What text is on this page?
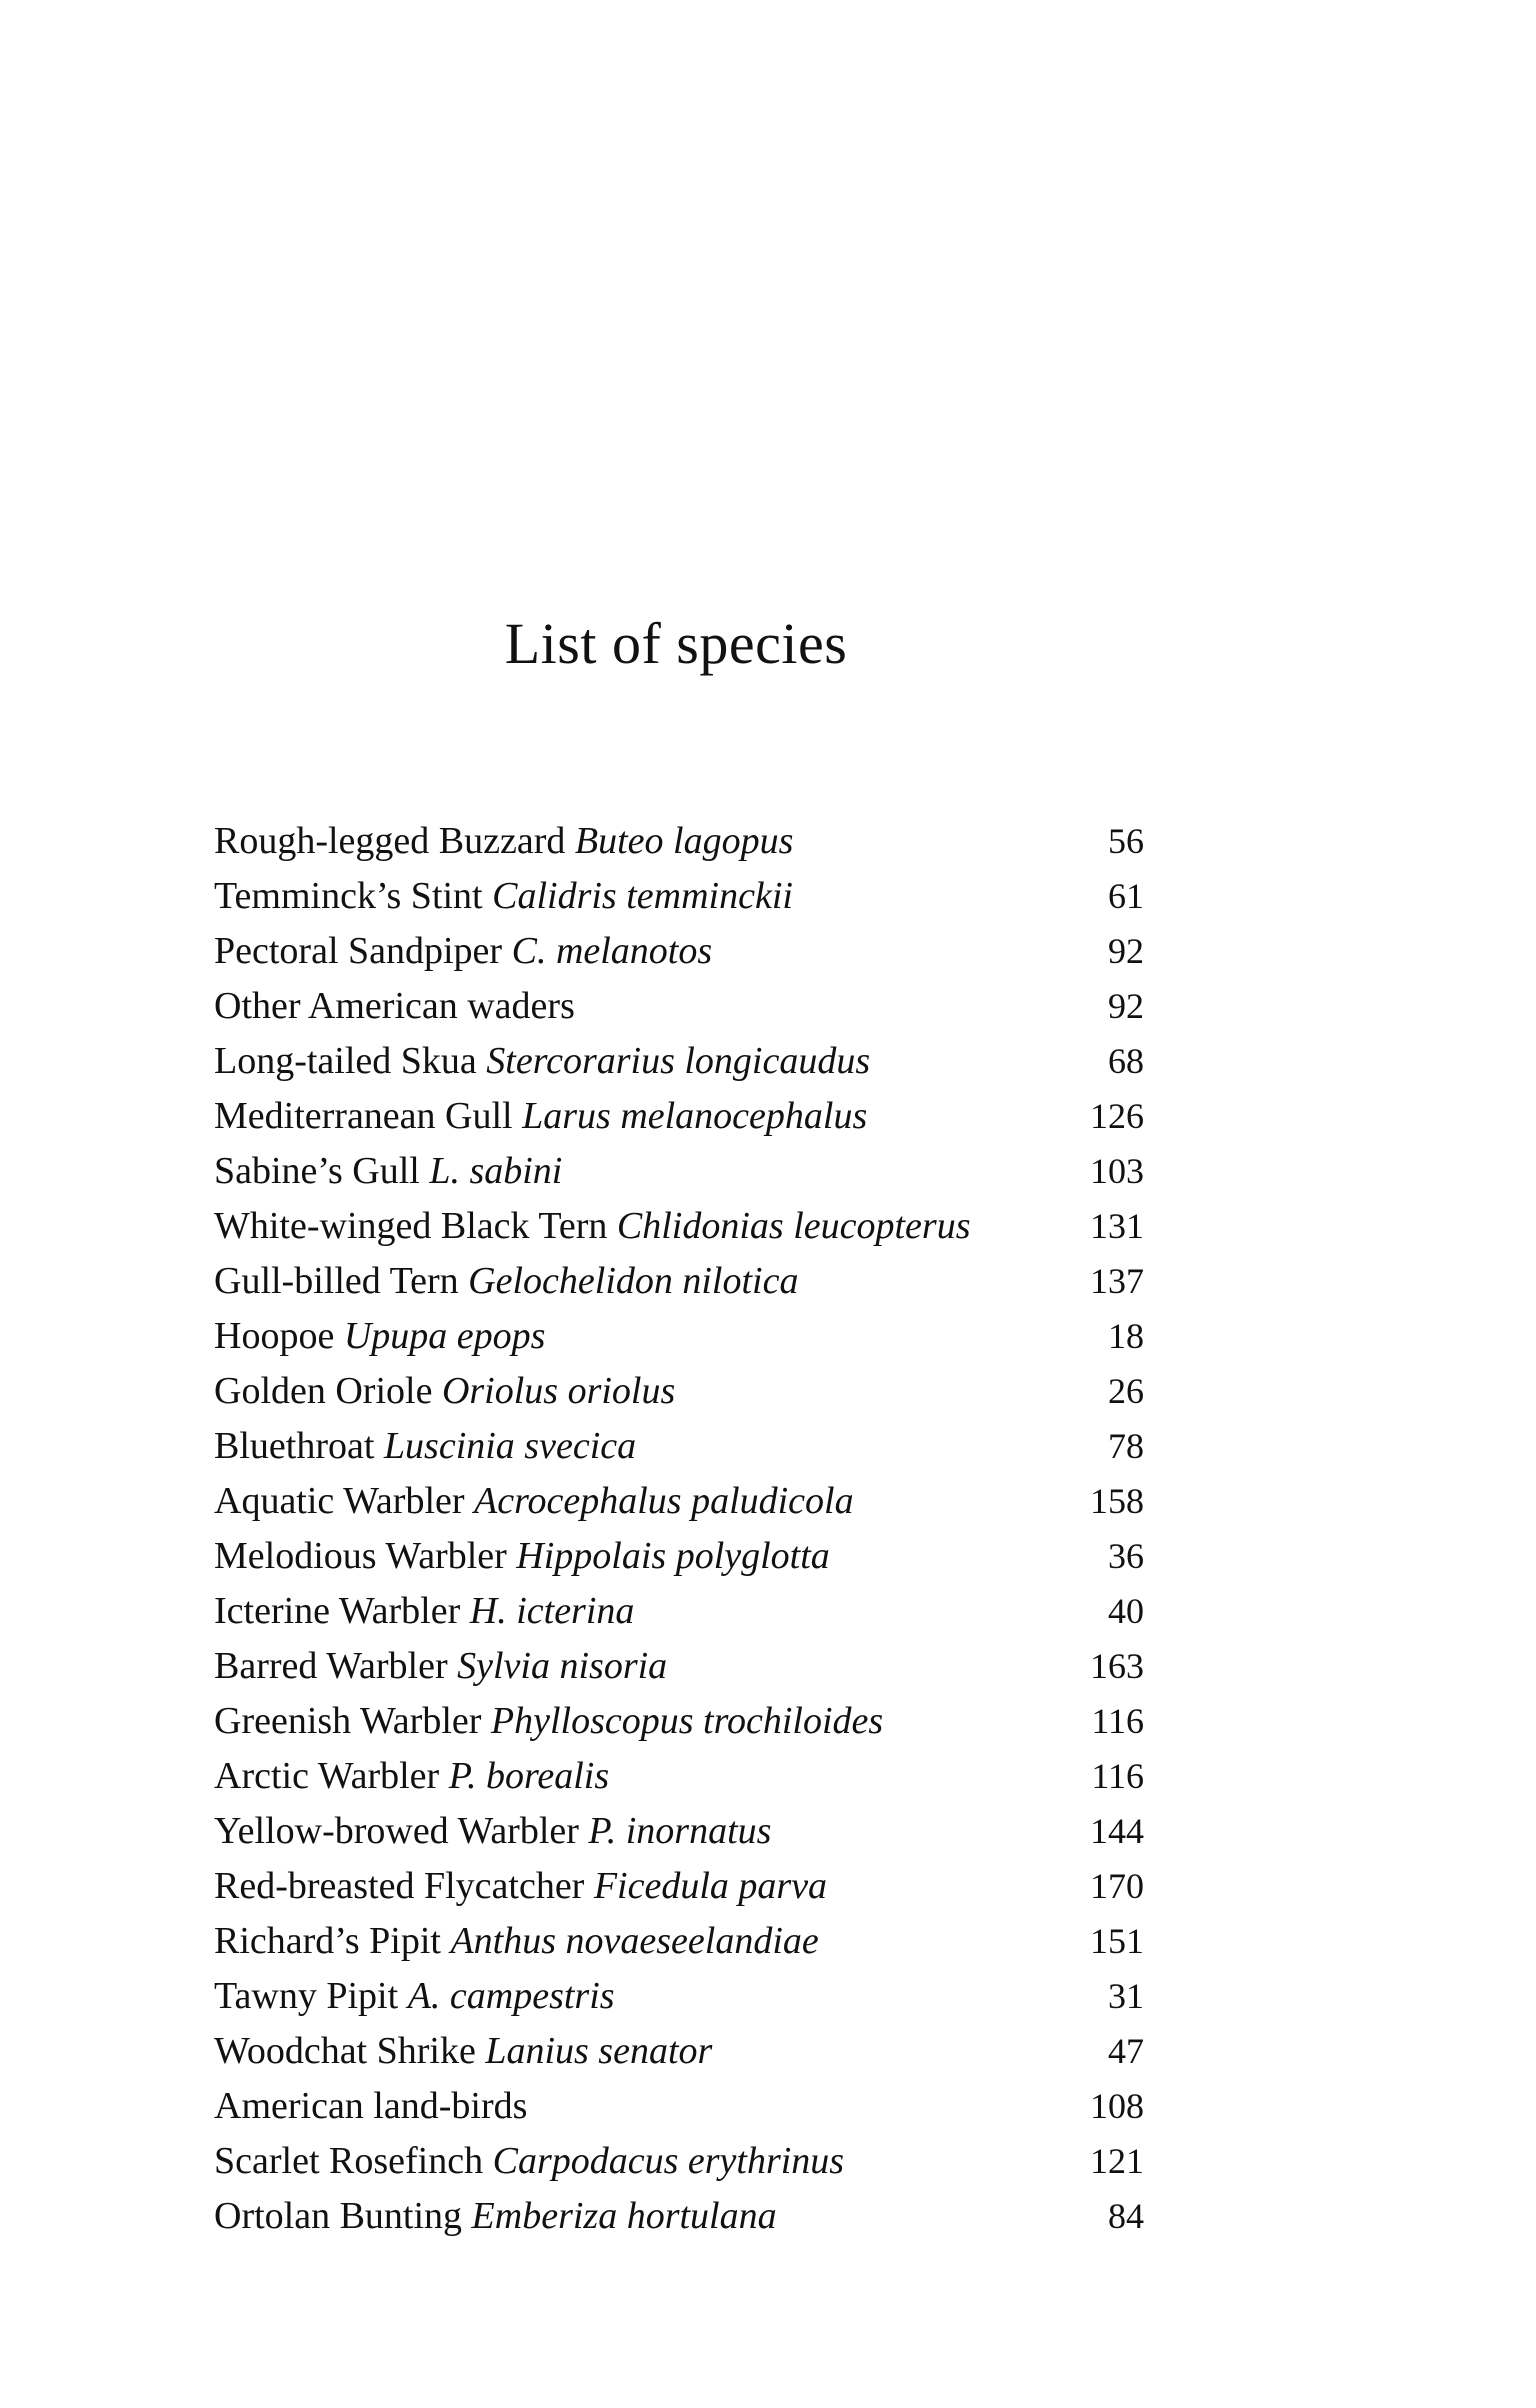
List of species
Rough-legged Buzzard Buteo lagopus	56
Temminck’s Stint Calidris temminckii	61
Pectoral Sandpiper C. melanotos	92
Other American waders	92
Long-tailed Skua Stercorarius longicaudus	68
Mediterranean Gull Larus melanocephalus	126
Sabine’s Gull L. sabini	103
White-winged Black Tern Chlidonias leucopterus	131
Gull-billed Tern Gelochelidon nilotica	137
Hoopoe Upupa epops	18
Golden Oriole Oriolus oriolus	26
Bluethroat Luscinia svecica	78
Aquatic Warbler Acrocephalus paludicola	158
Melodious Warbler Hippolais polyglotta	36
Icterine Warbler H. icterina	40
Barred Warbler Sylvia nisoria	163
Greenish Warbler Phylloscopus trochiloides	116
Arctic Warbler P. borealis	116
Yellow-browed Warbler P. inornatus	144
Red-breasted Flycatcher Ficedula parva	170
Richard’s Pipit Anthus novaeseelandiae	151
Tawny Pipit A. campestris	31
Woodchat Shrike Lanius senator	47
American land-birds	108
Scarlet Rosefinch Carpodacus erythrinus	121
Ortolan Bunting Emberiza hortulana	84
